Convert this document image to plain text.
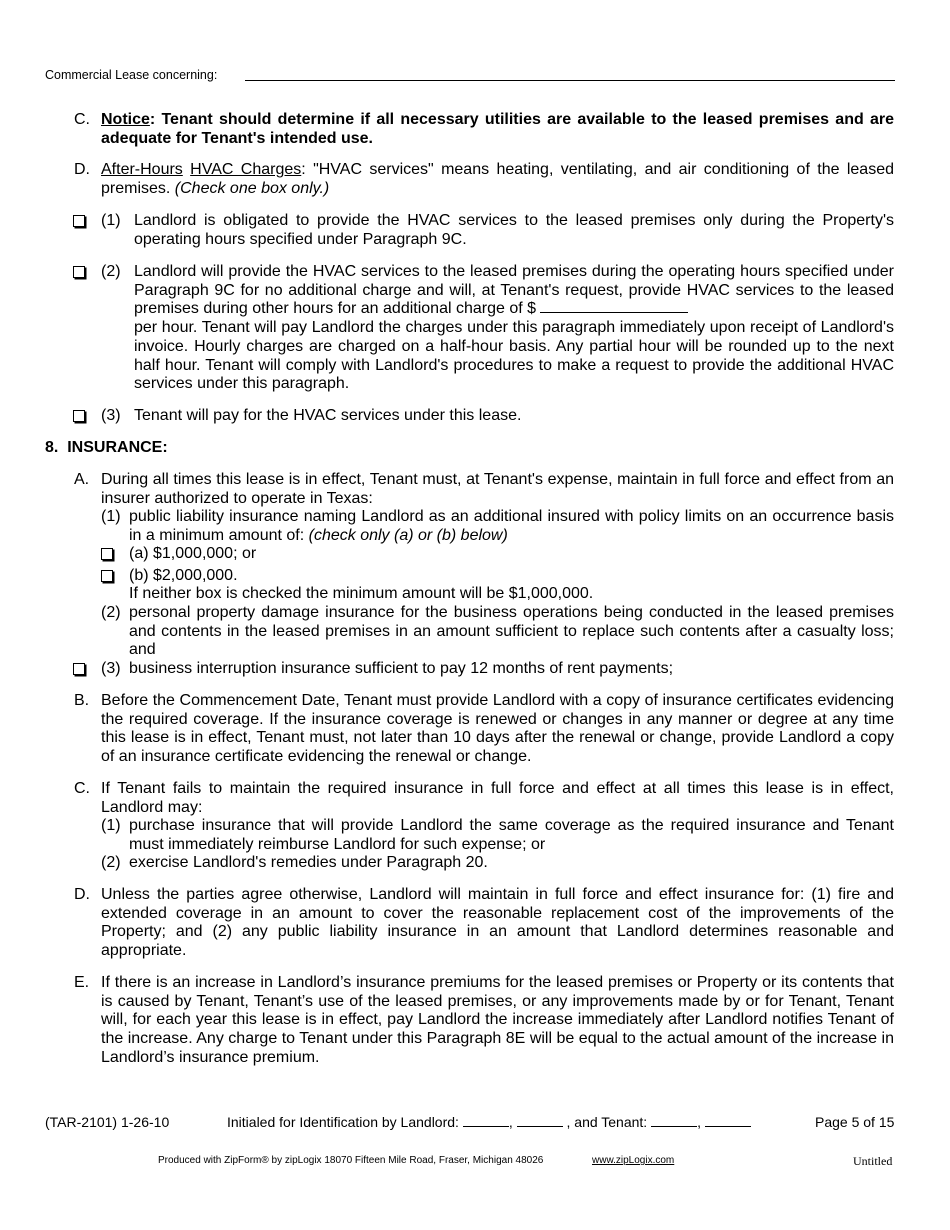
Commercial Lease concerning:
C. Notice: Tenant should determine if all necessary utilities are available to the leased premises and are adequate for Tenant's intended use.
D. After-Hours HVAC Charges: "HVAC services" means heating, ventilating, and air conditioning of the leased premises. (Check one box only.)
(1) Landlord is obligated to provide the HVAC services to the leased premises only during the Property's operating hours specified under Paragraph 9C.
(2) Landlord will provide the HVAC services to the leased premises during the operating hours specified under Paragraph 9C for no additional charge and will, at Tenant's request, provide HVAC services to the leased premises during other hours for an additional charge of $
per hour. Tenant will pay Landlord the charges under this paragraph immediately upon receipt of Landlord's invoice. Hourly charges are charged on a half-hour basis. Any partial hour will be rounded up to the next half hour. Tenant will comply with Landlord's procedures to make a request to provide the additional HVAC services under this paragraph.
(3) Tenant will pay for the HVAC services under this lease.
8.  INSURANCE:
A. During all times this lease is in effect, Tenant must, at Tenant's expense, maintain in full force and effect from an insurer authorized to operate in Texas:
(1) public liability insurance naming Landlord as an additional insured with policy limits on an occurrence basis in a minimum amount of: (check only (a) or (b) below)
(a) $1,000,000; or
(b) $2,000,000.
If neither box is checked the minimum amount will be $1,000,000.
(2) personal property damage insurance for the business operations being conducted in the leased premises and contents in the leased premises in an amount sufficient to replace such contents after a casualty loss; and
(3) business interruption insurance sufficient to pay 12 months of rent payments;
B. Before the Commencement Date, Tenant must provide Landlord with a copy of insurance certificates evidencing the required coverage. If the insurance coverage is renewed or changes in any manner or degree at any time this lease is in effect, Tenant must, not later than 10 days after the renewal or change, provide Landlord a copy of an insurance certificate evidencing the renewal or change.
C. If Tenant fails to maintain the required insurance in full force and effect at all times this lease is in effect, Landlord may:
(1) purchase insurance that will provide Landlord the same coverage as the required insurance and Tenant must immediately reimburse Landlord for such expense; or
(2) exercise Landlord's remedies under Paragraph 20.
D. Unless the parties agree otherwise, Landlord will maintain in full force and effect insurance for: (1) fire and extended coverage in an amount to cover the reasonable replacement cost of the improvements of the Property; and (2) any public liability insurance in an amount that Landlord determines reasonable and appropriate.
E. If there is an increase in Landlord’s insurance premiums for the leased premises or Property or its contents that is caused by Tenant, Tenant’s use of the leased premises, or any improvements made by or for Tenant, Tenant will, for each year this lease is in effect, pay Landlord the increase immediately after Landlord notifies Tenant of the increase. Any charge to Tenant under this Paragraph 8E will be equal to the actual amount of the increase in Landlord’s insurance premium.
(TAR-2101) 1-26-10	Initialed for Identification by Landlord:	,	, and Tenant:	,	Page 5 of 15
Produced with ZipForm® by zipLogix 18070 Fifteen Mile Road, Fraser, Michigan 48026	www.zipLogix.com	Untitled
